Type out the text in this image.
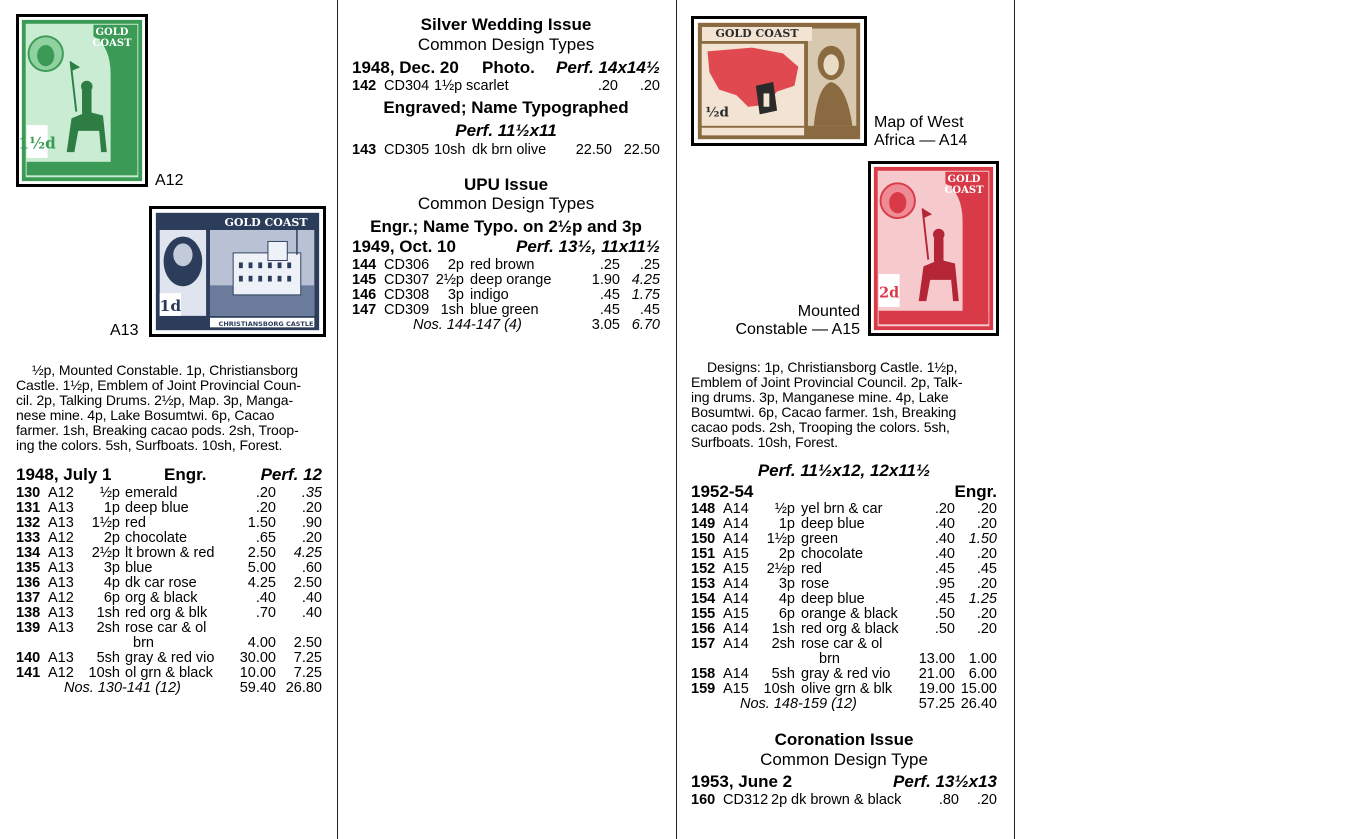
1½d
GOLD COAST
A12
1d
GOLD COAST
CHRISTIANSBORG CASTLE
A13
½p, Mounted Constable. 1p, Christiansborg
Castle. 1½p, Emblem of Joint Provincial Coun-
cil. 2p, Talking Drums. 2½p, Map. 3p, Manga-
nese mine. 4p, Lake Bosumtwi. 6p, Cacao
farmer. 1sh, Breaking cacao pods. 2sh, Troop-
ing the colors. 5sh, Surfboats. 10sh, Forest.
1948, July 1	Engr.	Perf. 12
130 A12	½p emerald	.20	.35
131 A13	1p deep blue	.20	.20
132 A13	1½p red	1.50	.90
133 A12	2p chocolate	.65	.20
134 A13	2½p lt brown & red	2.50	4.25
135 A13	3p blue	5.00	.60
136 A13	4p dk car rose	4.25	2.50
137 A12	6p org & black	.40	.40
138 A13	1sh red org & blk	.70	.40
139 A13	2sh rose car & ol
brn	4.00	2.50
140 A13	5sh gray & red vio	30.00	7.25
141 A12	10sh ol grn & black	10.00	7.25
Nos. 130-141 (12)	59.40 26.80
Silver Wedding Issue
Common Design Types
1948, Dec. 20 Photo.	Perf. 14x14½
142 CD304 1½p scarlet	.20	.20
Engraved; Name Typographed
Perf. 11½x11
143 CD305 10sh dk brn olive	22.50 22.50
UPU Issue
Common Design Types
Engr.; Name Typo. on 2½p and 3p
1949, Oct. 10	Perf. 13½, 11x11½
144 CD306	2p red brown	.25	.25
145 CD307 2½p deep orange	1.90 4.25
146 CD308	3p indigo	.45 1.75
147 CD309 1sh blue green	.45	.45
Nos. 144-147 (4)	3.05 6.70
½d
GOLD COAST
Map of West
Africa — A14
2d
GOLD COAST
Mounted
Constable — A15
Designs: 1p, Christiansborg Castle. 1½p,
Emblem of Joint Provincial Council. 2p, Talk-
ing drums. 3p, Manganese mine. 4p, Lake
Bosumtwi. 6p, Cacao farmer. 1sh, Breaking
cacao pods. 2sh, Trooping the colors. 5sh,
Surfboats. 10sh, Forest.
Perf. 11½x12, 12x11½
1952-54	Engr.
148 A14	½p yel brn & car	.20	.20
149 A14	1p deep blue	.40	.20
150 A14	1½p green	.40 1.50
151 A15	2p chocolate	.40	.20
152 A15	2½p red	.45	.45
153 A14	3p rose	.95	.20
154 A14	4p deep blue	.45 1.25
155 A15	6p orange & black	.50	.20
156 A14	1sh red org & black	.50	.20
157 A14	2sh rose car & ol
brn	13.00 1.00
158 A14	5sh gray & red vio	21.00 6.00
159 A15	10sh olive grn & blk	19.00 15.00
Nos. 148-159 (12)	57.25 26.40
Coronation Issue
Common Design Type
1953, June 2	Perf. 13½x13
160 CD312 2p dk brown & black	.80	.20
